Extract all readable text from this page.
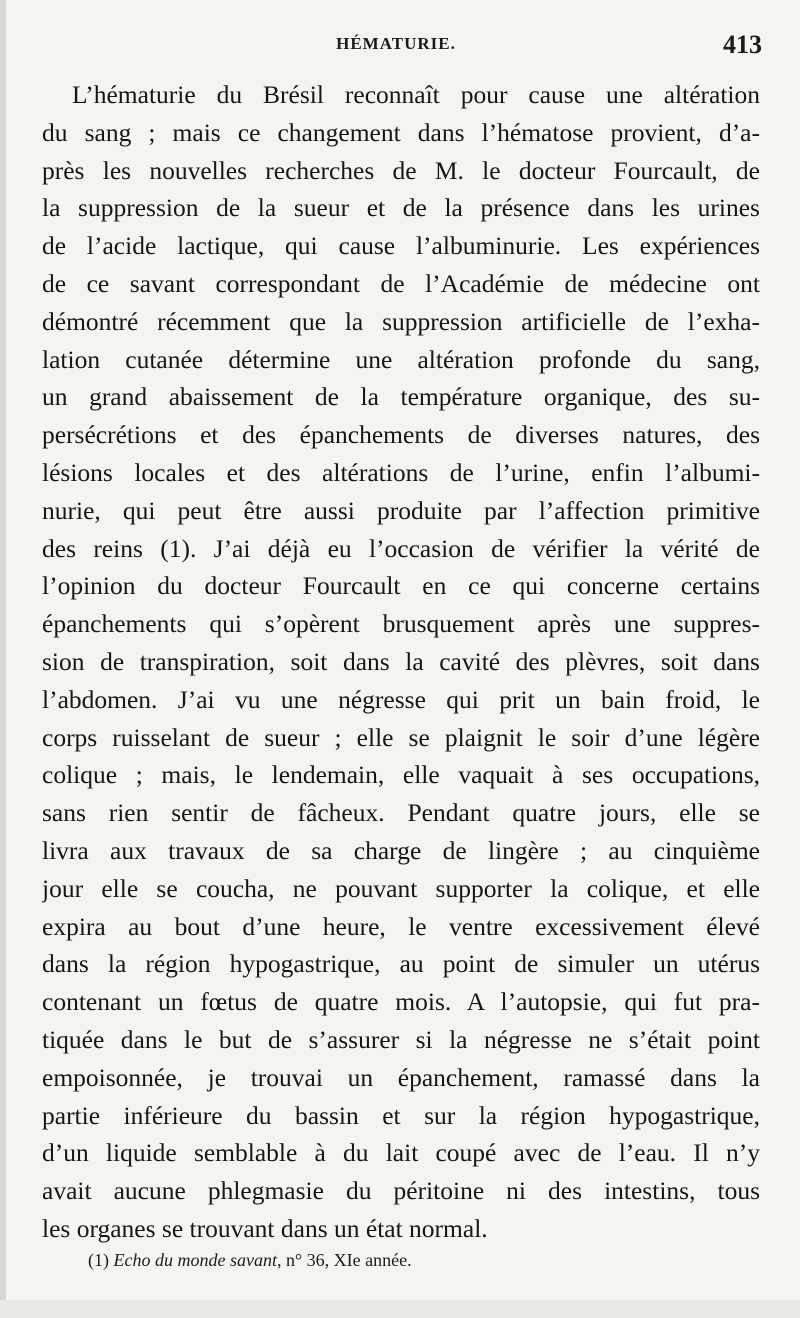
HÉMATURIE.	413
L’hématurie du Brésil reconnaît pour cause une altération
du sang ; mais ce changement dans l’hématose provient, d’a-
près les nouvelles recherches de M. le docteur Fourcault, de
la suppression de la sueur et de la présence dans les urines
de l’acide lactique, qui cause l’albuminurie. Les expériences
de ce savant correspondant de l’Académie de médecine ont
démontré récemment que la suppression artificielle de l’exha-
lation cutanée détermine une altération profonde du sang,
un grand abaissement de la température organique, des su-
persécrétions et des épanchements de diverses natures, des
lésions locales et des altérations de l’urine, enfin l’albumi-
nurie, qui peut être aussi produite par l’affection primitive
des reins (1). J’ai déjà eu l’occasion de vérifier la vérité de
l’opinion du docteur Fourcault en ce qui concerne certains
épanchements qui s’opèrent brusquement après une suppres-
sion de transpiration, soit dans la cavité des plèvres, soit dans
l’abdomen. J’ai vu une négresse qui prit un bain froid, le
corps ruisselant de sueur ; elle se plaignit le soir d’une légère
colique ; mais, le lendemain, elle vaquait à ses occupations,
sans rien sentir de fâcheux. Pendant quatre jours, elle se
livra aux travaux de sa charge de lingère ; au cinquième
jour elle se coucha, ne pouvant supporter la colique, et elle
expira au bout d’une heure, le ventre excessivement élevé
dans la région hypogastrique, au point de simuler un utérus
contenant un fœtus de quatre mois. A l’autopsie, qui fut pra-
tiquée dans le but de s’assurer si la négresse ne s’était point
empoisonnée, je trouvai un épanchement, ramassé dans la
partie inférieure du bassin et sur la région hypogastrique,
d’un liquide semblable à du lait coupé avec de l’eau. Il n’y
avait aucune phlegmasie du péritoine ni des intestins, tous
les organes se trouvant dans un état normal.
(1) Echo du monde savant, n° 36, XIe année.
